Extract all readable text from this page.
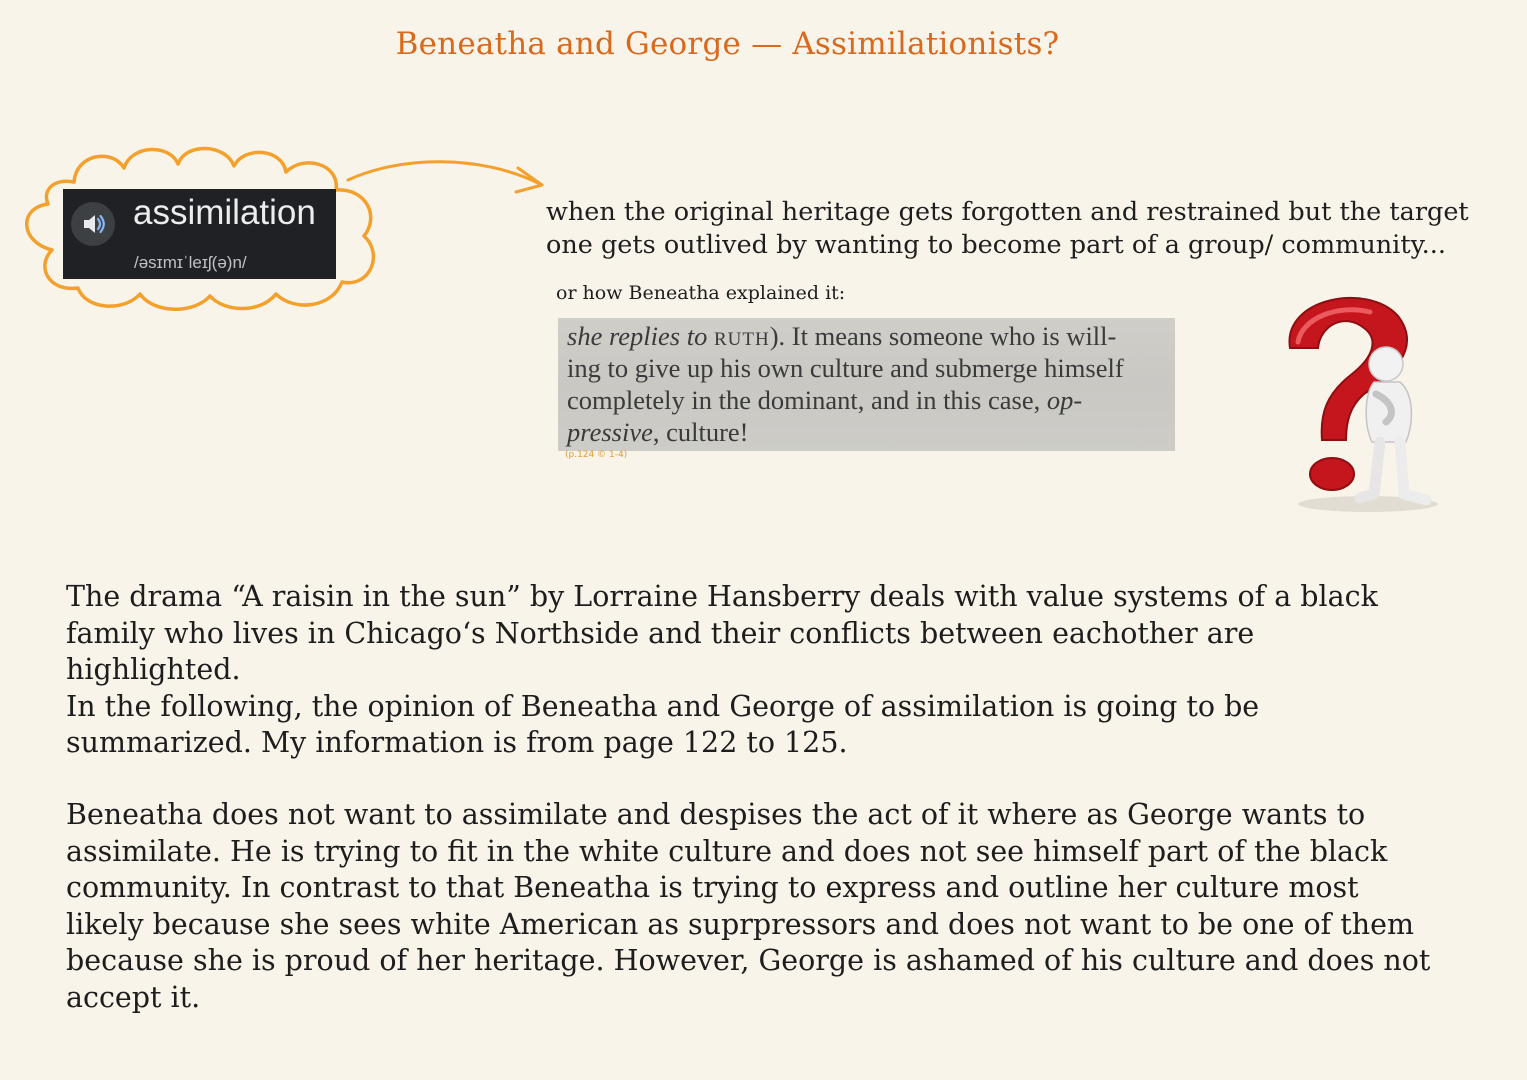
Beneatha and George — Assimilationists?
assimilation
/əsɪmɪˈleɪʃ(ə)n/
when the original heritage gets forgotten and restrained but the target
one gets outlived by wanting to become part of a group/ community...
or how Beneatha explained it:
she replies to RUTH). It means someone who is will-
ing to give up his own culture and submerge himself
completely in the dominant, and in this case, op-
pressive, culture!
(p.124 © 1-4)
The drama “A raisin in the sun” by Lorraine Hansberry deals with value systems of a black
family who lives in Chicago‘s Northside and their conflicts between eachother are
highlighted.
In the following, the opinion of Beneatha and George of assimilation is going to be
summarized. My information is from page 122 to 125.
Beneatha does not want to assimilate and despises the act of it where as George wants to
assimilate. He is trying to fit in the white culture and does not see himself part of the black
community. In contrast to that Beneatha is trying to express and outline her culture most
likely because she sees white American as suprpressors and does not want to be one of them
because she is proud of her heritage. However, George is ashamed of his culture and does not
accept it.
